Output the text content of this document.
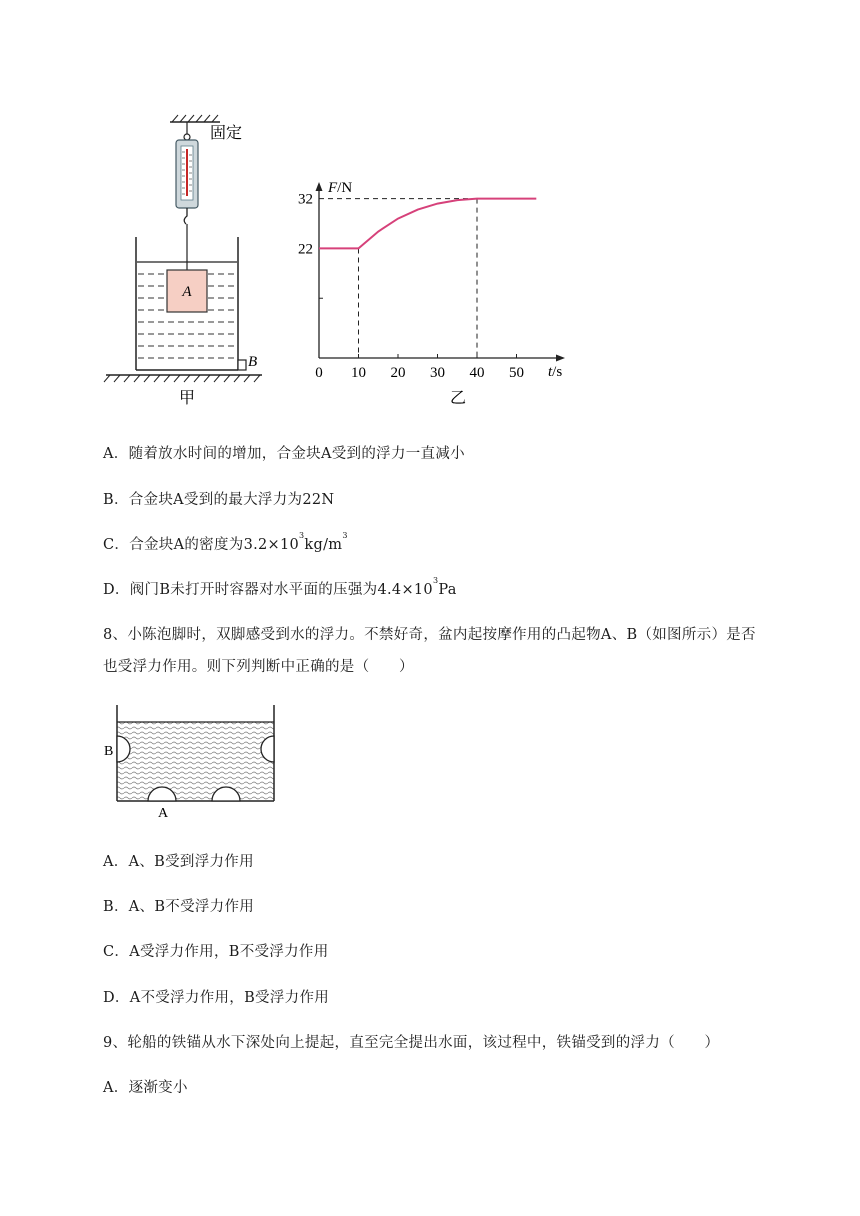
固定
A
B
甲
F/N
t/s
0 10 20 30 40 50
22
32
乙
A．随着放水时间的增加，合金块A受到的浮力一直减小
B．合金块A受到的最大浮力为22N
C．合金块A的密度为$3.2\times 10^3kg/m^3$
D．阀门B未打开时容器对水平面的压强为$4.4\times 10^3Pa$
8、小陈泡脚时，双脚感受到水的浮力。不禁好奇，盆内起按摩作用的凸起物A、B（如图所示）是否
也受浮力作用。则下列判断中正确的是（　　）
B
A
A．A、B受到浮力作用
B．A、B不受浮力作用
C．A受浮力作用，B不受浮力作用
D．A不受浮力作用，B受浮力作用
9、轮船的铁锚从水下深处向上提起，直至完全提出水面，该过程中，铁锚受到的浮力（　　）
A．逐渐变小
